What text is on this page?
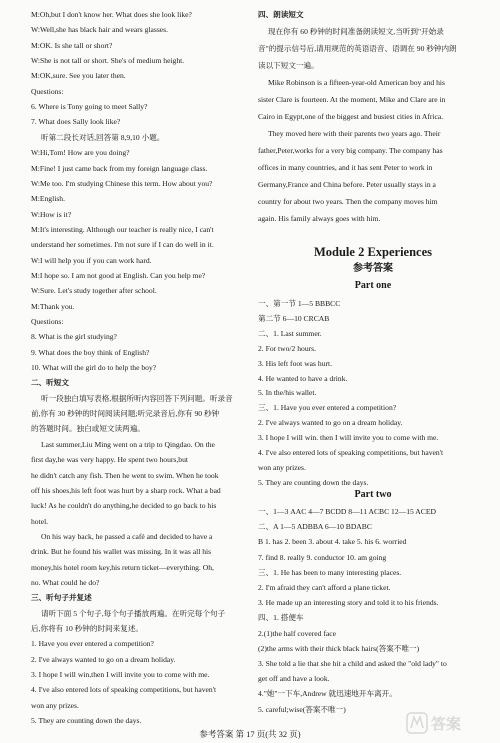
M:Oh,but I don't know her. What does she look like?
W:Well,she has black hair and wears glasses.
M:OK. Is she tall or short?
W:She is not tall or short. She's of medium height.
M:OK,sure. See you later then.
Questions:
6. Where is Tony going to meet Sally?
7. What does Sally look like?
听第二段长对话,回答第 8,9,10 小题。
W:Hi,Tom! How are you doing?
M:Fine! I just came back from my foreign language class.
W:Me too. I'm studying Chinese this term. How about you?
M:English.
W:How is it?
M:It's interesting. Although our teacher is really nice, I can't
understand her sometimes. I'm not sure if I can do well in it.
W:I will help you if you can work hard.
M:I hope so. I am not good at English. Can you help me?
W:Sure. Let's study together after school.
M:Thank you.
Questions:
8. What is the girl studying?
9. What does the boy think of English?
10. What will the girl do to help the boy?
二、听短文
听一段独白填写表格,根据所听内容回答下列问题。听录音
前,你有 30 秒钟的时间阅读问题;听完录音后,你有 90 秒钟
的答题时间。独白或短文读两遍。
Last summer,Liu Ming went on a trip to Qingdao. On the
first day,he was very happy. He spent two hours,but
he didn't catch any fish. Then he went to swim. When he took
off his shoes,his left foot was hurt by a sharp rock. What a bad
luck! As he couldn't do anything,he decided to go back to his
hotel.
On his way back, he passed a café and decided to have a
drink. But he found his wallet was missing. In it was all his
money,his hotel room key,his return ticket—everything. Oh,
no. What could he do?
三、听句子并复述
请听下面 5 个句子,每个句子播放两遍。在听完每个句子
后,你将有 10 秒钟的时间来复述。
1. Have you ever entered a competition?
2. I've always wanted to go on a dream holiday.
3. I hope I will win,then I will invite you to come with me.
4. I've also entered lots of speaking competitions, but haven't
won any prizes.
5. They are counting down the days.
Module 2 Experiences
参考答案
Part one
Part two
四、朗读短文
现在你有 60 秒钟的时间准备朗读短文,当听到"开始录
音"的提示信号后,请用规范的英语语音、语调在 90 秒钟内朗
读以下短文一遍。
Mike Robinson is a fifteen-year-old American boy and his
sister Clare is fourteen. At the moment, Mike and Clare are in
Cairo in Egypt,one of the biggest and busiest cities in Africa.
They moved here with their parents two years ago. Their
father,Peter,works for a very big company. The company has
offices in many countries, and it has sent Peter to work in
Germany,France and China before. Peter usually stays in a
country for about two years. Then the company moves him
again. His family always goes with him.
一、第一节 1—5 BBBCC
第二节 6—10 CRCAB
二、1. Last summer.
2. For two/2 hours.
3. His left foot was hurt.
4. He wanted to have a drink.
5. In the/his wallet.
三、1. Have you ever entered a competition?
2. I've always wanted to go on a dream holiday.
3. I hope I will win. then I will invite you to come with me.
4. I've also entered lots of speaking competitions, but haven't
won any prizes.
5. They are counting down the days.
一、1—3 AAC 4—7 BCDD 8—11 ACBC 12—15 ACED
二、A 1—5 ADBBA 6—10 BDABC
B 1. has 2. been 3. about 4. take 5. his 6. worried
7. find 8. really 9. conductor 10. am going
三、1. He has been to many interesting places.
2. I'm afraid they can't afford a plane ticket.
3. He made up an interesting story and told it to his friends.
四、1. 搭便车
2.(1)the half covered face
(2)the arms with their thick black hairs(答案不唯一)
3. She told a lie that she hit a child and asked the "old lady" to
get off and have a look.
4."她"一下车,Andrew 就迅速地开车离开。
5. careful;wise(答案不唯一)
参考答案 第 17 页(共 32 页)
答案
